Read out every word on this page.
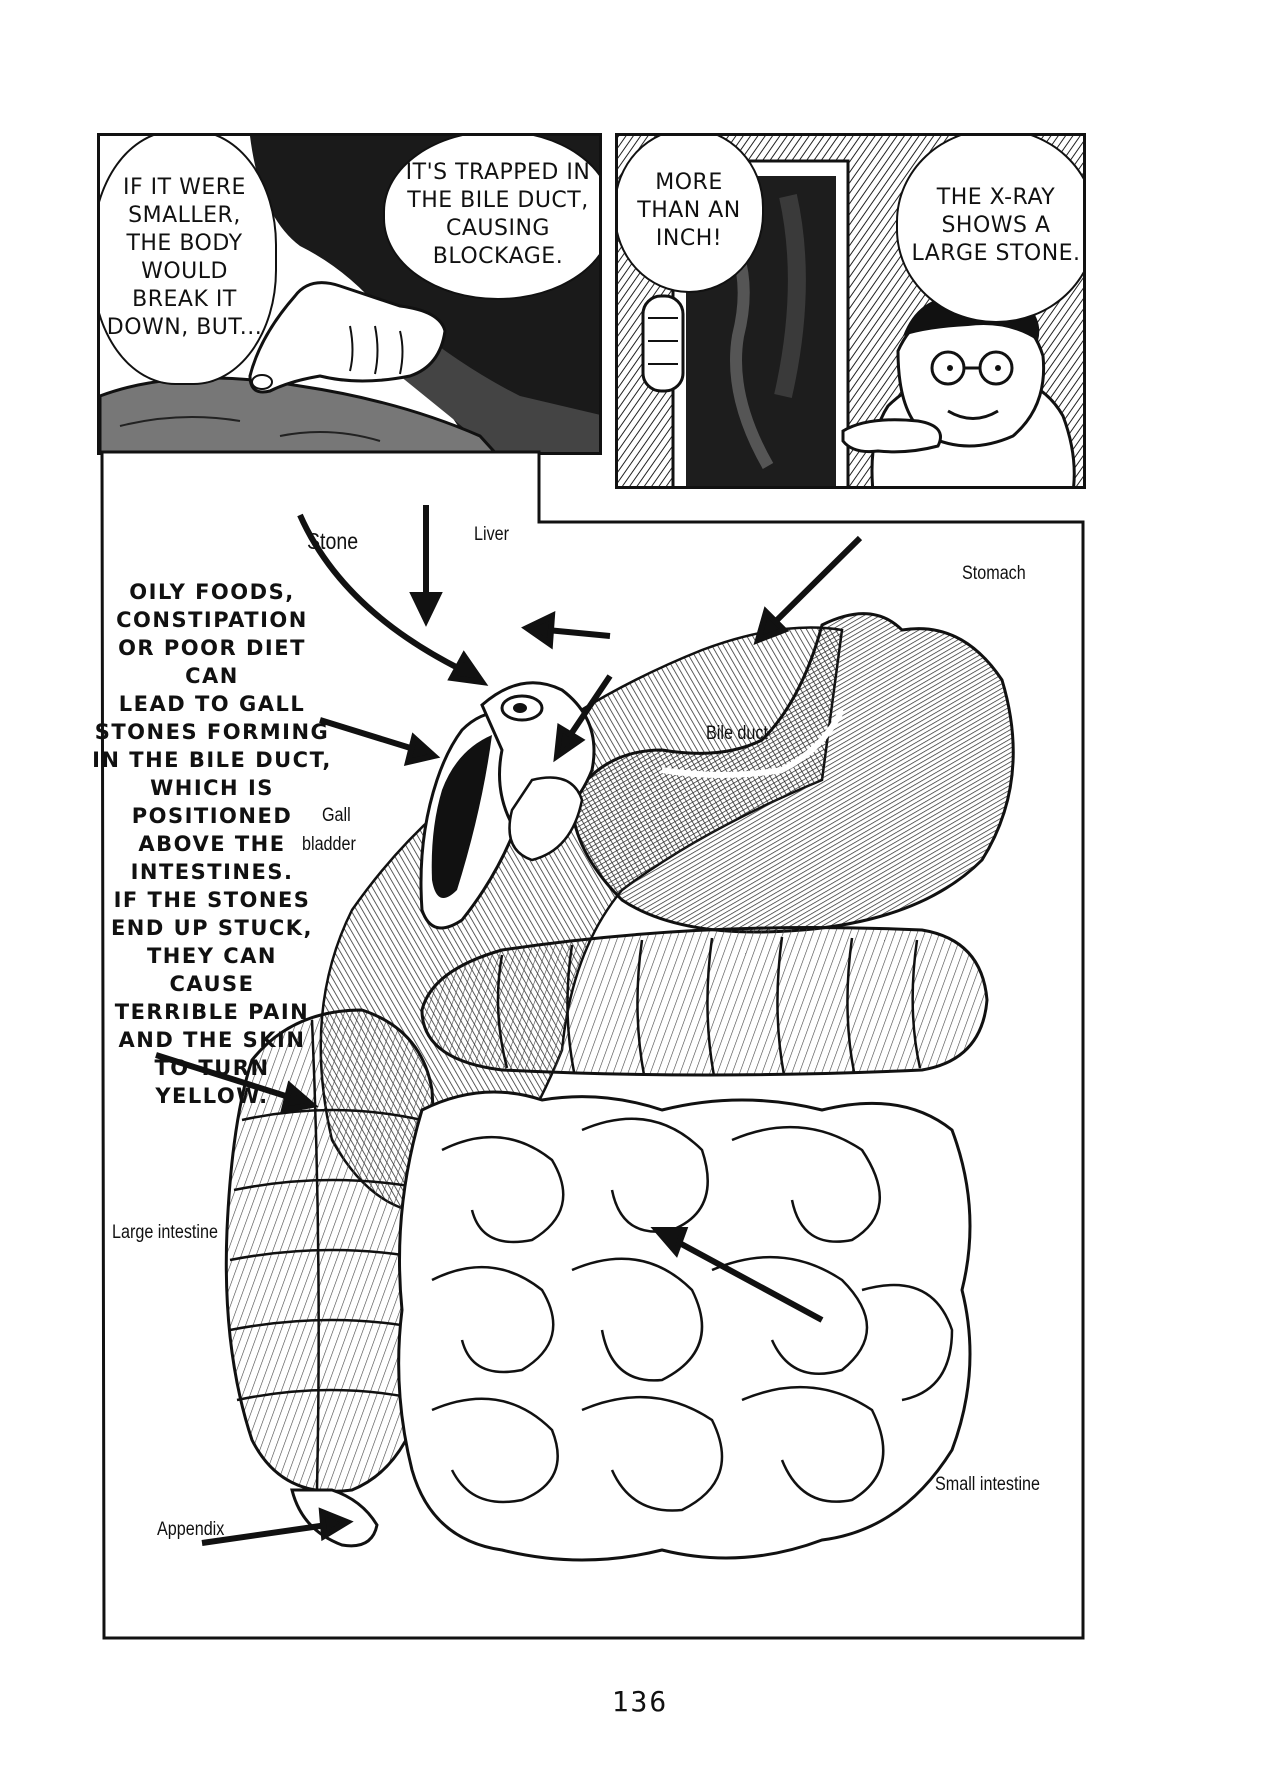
IF IT WERE SMALLER, THE BODY WOULD BREAK IT DOWN, BUT...
IT'S TRAPPED IN THE BILE DUCT, CAUSING BLOCKAGE.
MORE THAN AN INCH!
THE X-RAY SHOWS A LARGE STONE.
OILY FOODS,
CONSTIPATION
OR POOR DIET CAN
LEAD TO GALL
STONES FORMING
IN THE BILE DUCT,
WHICH IS
POSITIONED
ABOVE THE
INTESTINES.
IF THE STONES
END UP STUCK,
THEY CAN
CAUSE
TERRIBLE PAIN
AND THE SKIN
TO TURN
YELLOW.
Stone	Liver
Stomach
Bile duct
Gall
bladder
Large intestine
Small intestine
Appendix
136
